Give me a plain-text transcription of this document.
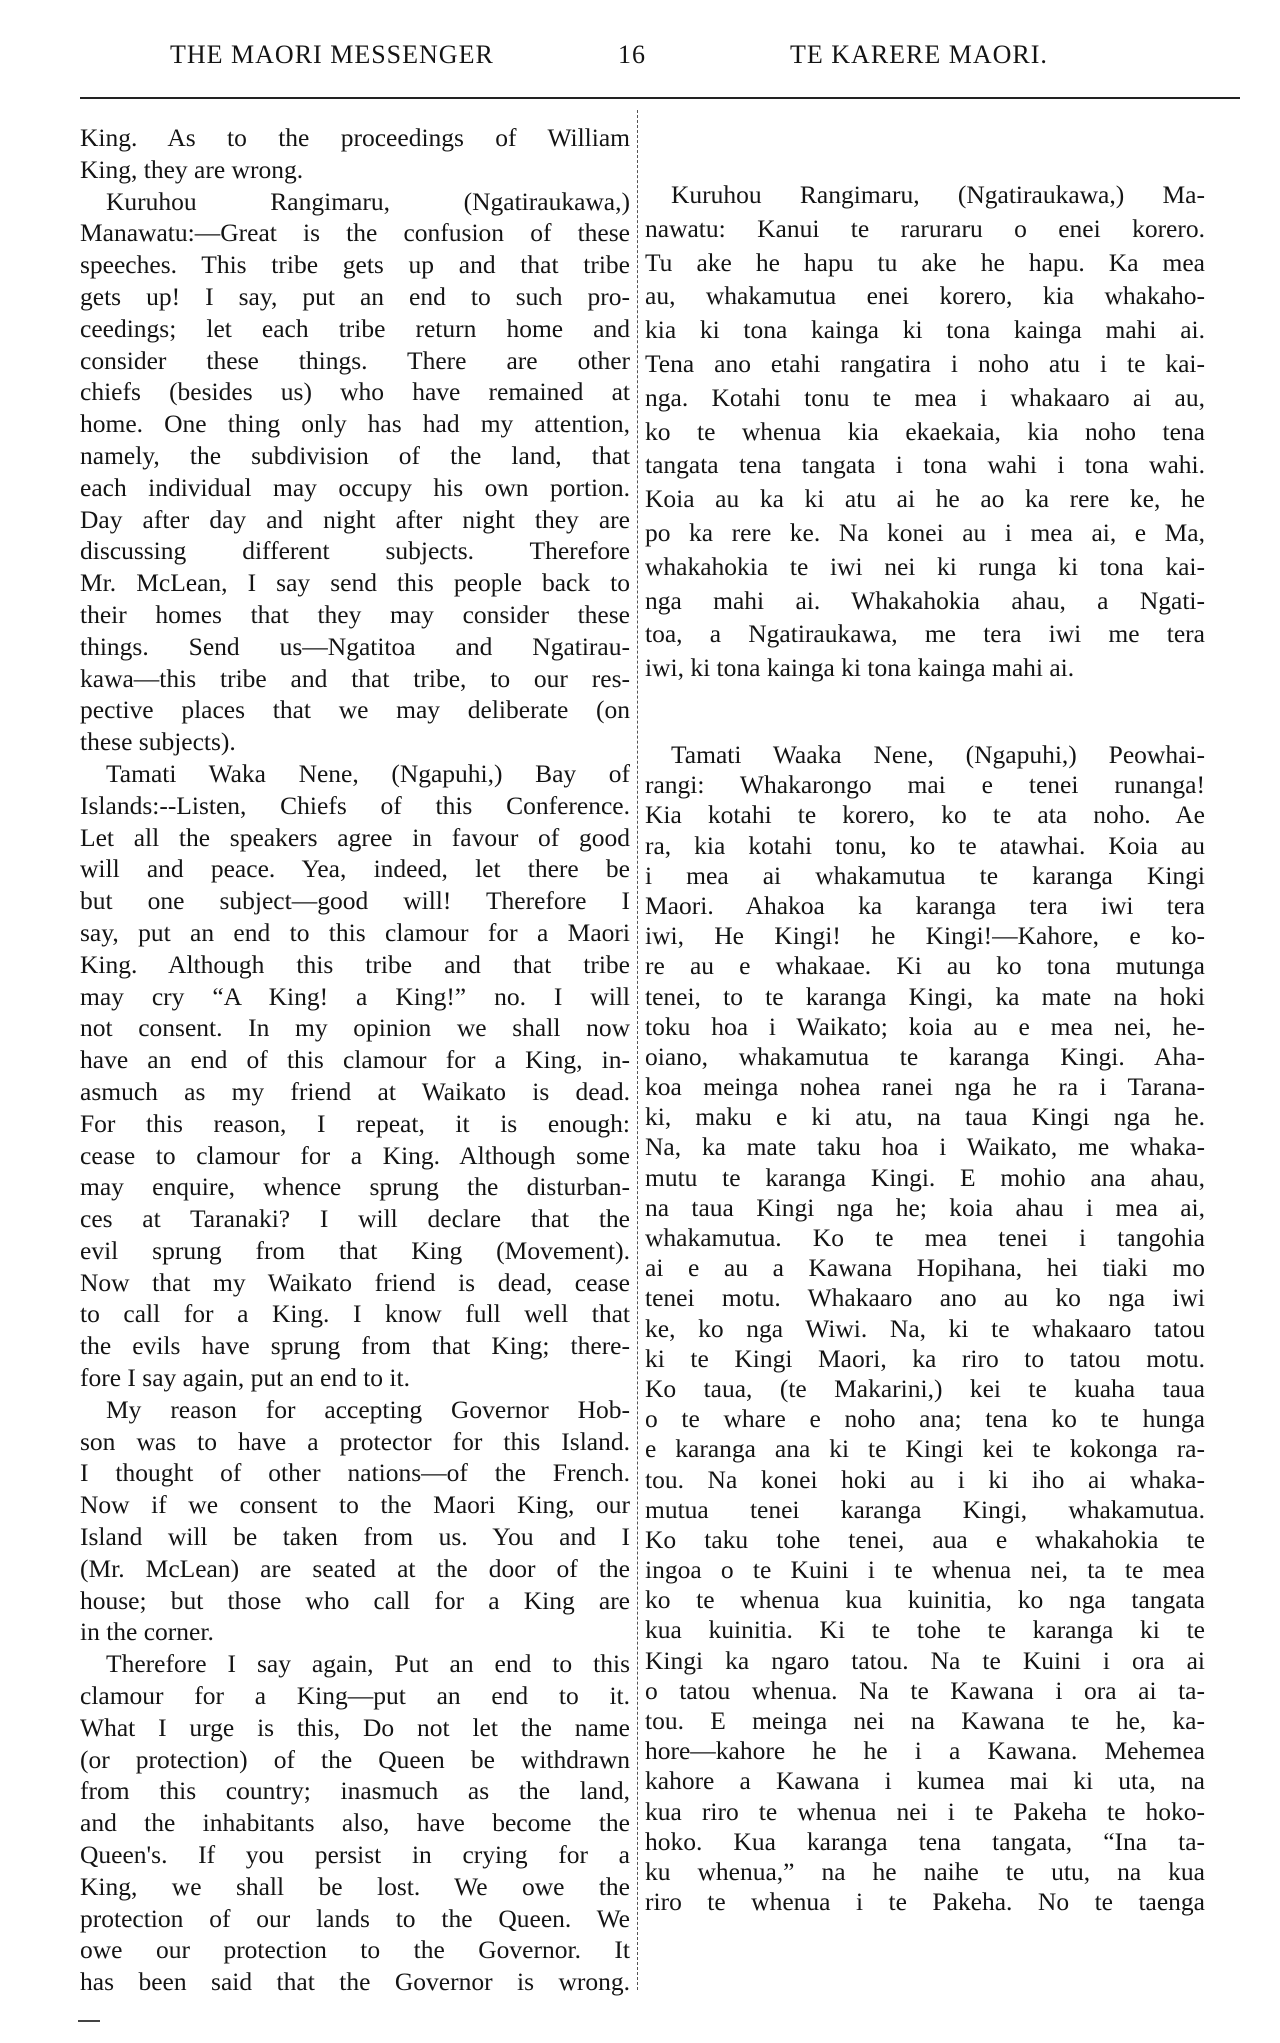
THE MAORI MESSENGER	16	TE KARERE MAORI.
King. As to the proceedings of William
King, they are wrong.
Kuruhou Rangimaru, (Ngatiraukawa,)
Manawatu:—Great is the confusion of these
speeches. This tribe gets up and that tribe
gets up! I say, put an end to such pro-
ceedings; let each tribe return home and
consider these things. There are other
chiefs (besides us) who have remained at
home. One thing only has had my attention,
namely, the subdivision of the land, that
each individual may occupy his own portion.
Day after day and night after night they are
discussing different subjects. Therefore
Mr. McLean, I say send this people back to
their homes that they may consider these
things. Send us—Ngatitoa and Ngatirau-
kawa—this tribe and that tribe, to our res-
pective places that we may deliberate (on
these subjects).
Tamati Waka Nene, (Ngapuhi,) Bay of
Islands:--Listen, Chiefs of this Conference.
Let all the speakers agree in favour of good
will and peace. Yea, indeed, let there be
but one subject—good will! Therefore I
say, put an end to this clamour for a Maori
King. Although this tribe and that tribe
may cry “A King! a King!” no. I will
not consent. In my opinion we shall now
have an end of this clamour for a King, in-
asmuch as my friend at Waikato is dead.
For this reason, I repeat, it is enough:
cease to clamour for a King. Although some
may enquire, whence sprung the disturban-
ces at Taranaki? I will declare that the
evil sprung from that King (Movement).
Now that my Waikato friend is dead, cease
to call for a King. I know full well that
the evils have sprung from that King; there-
fore I say again, put an end to it.
My reason for accepting Governor Hob-
son was to have a protector for this Island.
I thought of other nations—of the French.
Now if we consent to the Maori King, our
Island will be taken from us. You and I
(Mr. McLean) are seated at the door of the
house; but those who call for a King are
in the corner.
Therefore I say again, Put an end to this
clamour for a King—put an end to it.
What I urge is this, Do not let the name
(or protection) of the Queen be withdrawn
from this country; inasmuch as the land,
and the inhabitants also, have become the
Queen's. If you persist in crying for a
King, we shall be lost. We owe the
protection of our lands to the Queen. We
owe our protection to the Governor. It
has been said that the Governor is wrong.
Kuruhou Rangimaru, (Ngatiraukawa,) Ma-
nawatu: Kanui te raruraru o enei korero.
Tu ake he hapu tu ake he hapu. Ka mea
au, whakamutua enei korero, kia whakaho-
kia ki tona kainga ki tona kainga mahi ai.
Tena ano etahi rangatira i noho atu i te kai-
nga. Kotahi tonu te mea i whakaaro ai au,
ko te whenua kia ekaekaia, kia noho tena
tangata tena tangata i tona wahi i tona wahi.
Koia au ka ki atu ai he ao ka rere ke, he
po ka rere ke. Na konei au i mea ai, e Ma,
whakahokia te iwi nei ki runga ki tona kai-
nga mahi ai. Whakahokia ahau, a Ngati-
toa, a Ngatiraukawa, me tera iwi me tera
iwi, ki tona kainga ki tona kainga mahi ai.
Tamati Waaka Nene, (Ngapuhi,) Peowhai-
rangi: Whakarongo mai e tenei runanga!
Kia kotahi te korero, ko te ata noho. Ae
ra, kia kotahi tonu, ko te atawhai. Koia au
i mea ai whakamutua te karanga Kingi
Maori. Ahakoa ka karanga tera iwi tera
iwi, He Kingi! he Kingi!—Kahore, e ko-
re au e whakaae. Ki au ko tona mutunga
tenei, to te karanga Kingi, ka mate na hoki
toku hoa i Waikato; koia au e mea nei, he-
oiano, whakamutua te karanga Kingi. Aha-
koa meinga nohea ranei nga he ra i Tarana-
ki, maku e ki atu, na taua Kingi nga he.
Na, ka mate taku hoa i Waikato, me whaka-
mutu te karanga Kingi. E mohio ana ahau,
na taua Kingi nga he; koia ahau i mea ai,
whakamutua. Ko te mea tenei i tangohia
ai e au a Kawana Hopihana, hei tiaki mo
tenei motu. Whakaaro ano au ko nga iwi
ke, ko nga Wiwi. Na, ki te whakaaro tatou
ki te Kingi Maori, ka riro to tatou motu.
Ko taua, (te Makarini,) kei te kuaha taua
o te whare e noho ana; tena ko te hunga
e karanga ana ki te Kingi kei te kokonga ra-
tou. Na konei hoki au i ki iho ai whaka-
mutua tenei karanga Kingi, whakamutua.
Ko taku tohe tenei, aua e whakahokia te
ingoa o te Kuini i te whenua nei, ta te mea
ko te whenua kua kuinitia, ko nga tangata
kua kuinitia. Ki te tohe te karanga ki te
Kingi ka ngaro tatou. Na te Kuini i ora ai
o tatou whenua. Na te Kawana i ora ai ta-
tou. E meinga nei na Kawana te he, ka-
hore—kahore he he i a Kawana. Mehemea
kahore a Kawana i kumea mai ki uta, na
kua riro te whenua nei i te Pakeha te hoko-
hoko. Kua karanga tena tangata, “Ina ta-
ku whenua,” na he naihe te utu, na kua
riro te whenua i te Pakeha. No te taenga
